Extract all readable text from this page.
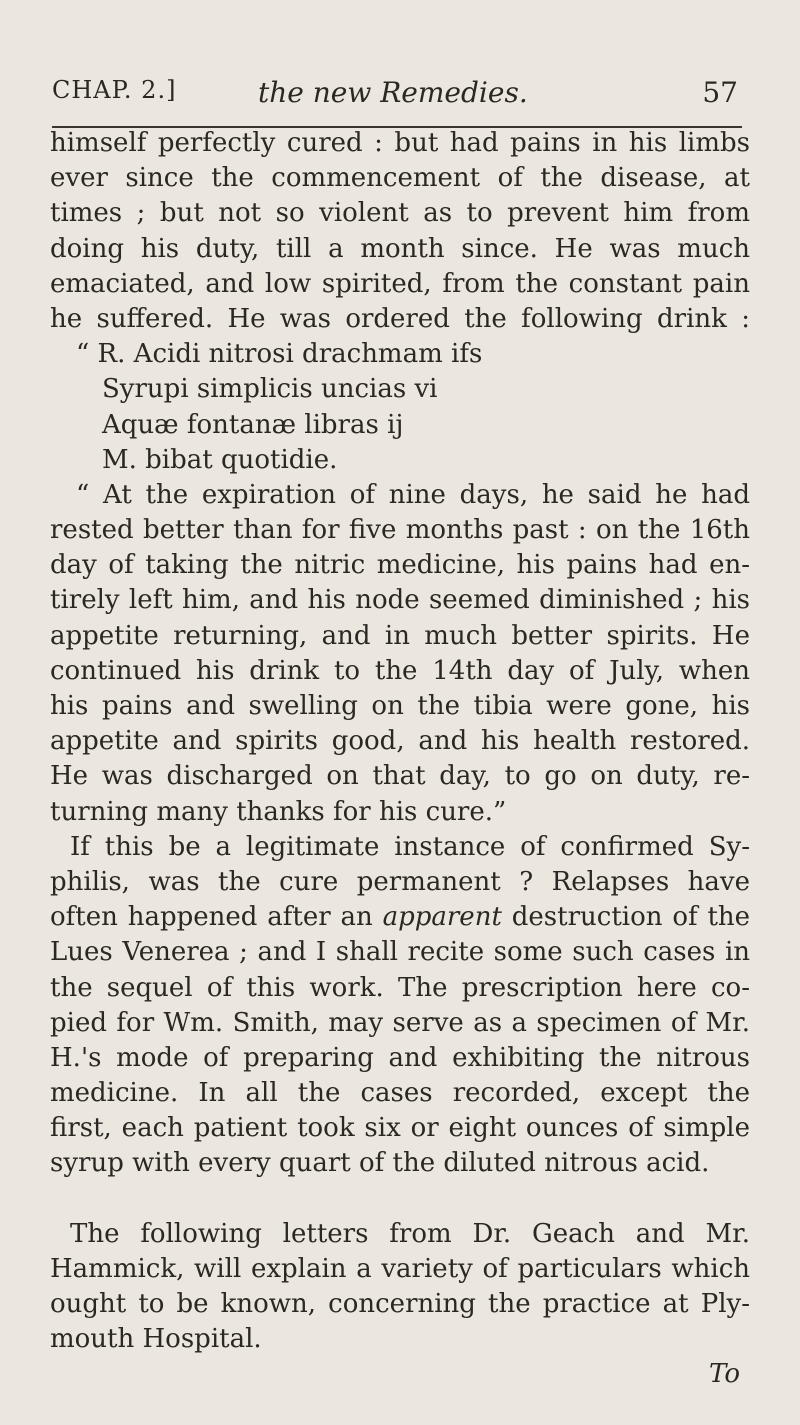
CHAP. 2.]	the new Remedies.	57
himself perfectly cured : but had pains in his limbs
ever since the commencement of the disease, at
times ; but not so violent as to prevent him from
doing his duty, till a month since. He was much
emaciated, and low spirited, from the constant pain
he suffered. He was ordered the following drink :
“ R. Acidi nitrosi drachmam ifs
Syrupi simplicis uncias vi
Aquæ fontanæ libras ij
M. bibat quotidie.
“ At the expiration of nine days, he said he had
rested better than for five months past : on the 16th
day of taking the nitric medicine, his pains had en-
tirely left him, and his node seemed diminished ; his
appetite returning, and in much better spirits. He
continued his drink to the 14th day of July, when
his pains and swelling on the tibia were gone, his
appetite and spirits good, and his health restored.
He was discharged on that day, to go on duty, re-
turning many thanks for his cure.”
If this be a legitimate instance of confirmed Sy-
philis, was the cure permanent ? Relapses have
often happened after an apparent destruction of the
Lues Venerea ; and I shall recite some such cases in
the sequel of this work. The prescription here co-
pied for Wm. Smith, may serve as a specimen of Mr.
H.'s mode of preparing and exhibiting the nitrous
medicine. In all the cases recorded, except the
first, each patient took six or eight ounces of simple
syrup with every quart of the diluted nitrous acid.
The following letters from Dr. Geach and Mr.
Hammick, will explain a variety of particulars which
ought to be known, concerning the practice at Ply-
mouth Hospital.
To
